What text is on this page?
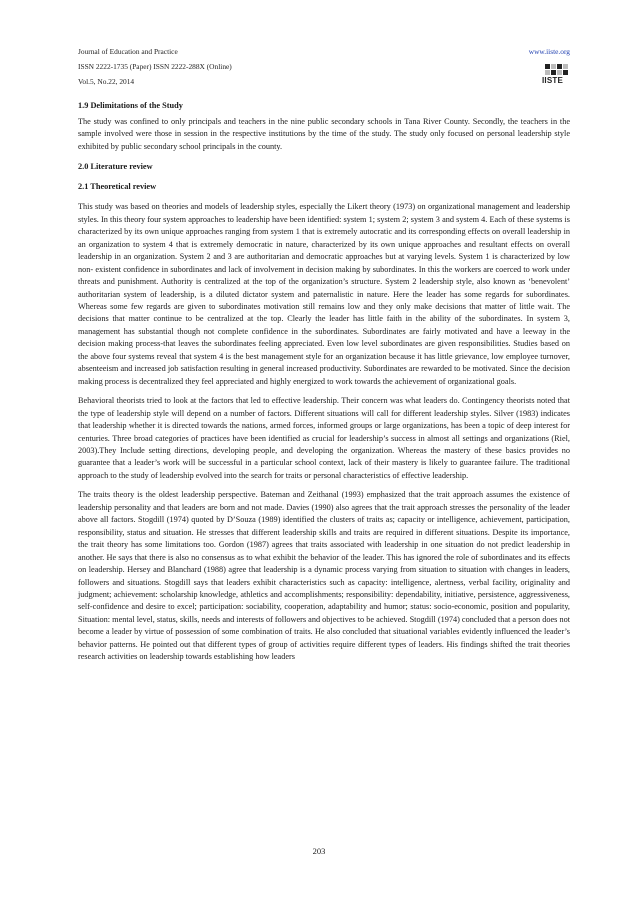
Journal of Education and Practice
ISSN 2222-1735 (Paper) ISSN 2222-288X (Online)
Vol.5, No.22, 2014
www.iiste.org
IISTE
1.9 Delimitations of the Study

The study was confined to only principals and teachers in the nine public secondary schools in Tana River County. Secondly, the teachers in the sample involved were those in session in the respective institutions by the time of the study. The study only focused on personal leadership style exhibited by public secondary school principals in the county.

2.0 Literature review
2.1 Theoretical review

This study was based on theories and models of leadership styles, especially the Likert theory (1973) on organizational management and leadership styles. In this theory four system approaches to leadership have been identified: system 1; system 2; system 3 and system 4. Each of these systems is characterized by its own unique approaches ranging from system 1 that is extremely autocratic and its corresponding effects on overall leadership in an organization to system 4 that is extremely democratic in nature, characterized by its own unique approaches and resultant effects on overall leadership in an organization. System 2 and 3 are authoritarian and democratic approaches but at varying levels. System 1 is characterized by low non- existent confidence in subordinates and lack of involvement in decision making by subordinates. In this the workers are coerced to work under threats and punishment. Authority is centralized at the top of the organization’s structure. System 2 leadership style, also known as ‘benevolent’ authoritarian system of leadership, is a diluted dictator system and paternalistic in nature. Here the leader has some regards for subordinates. Whereas some few regards are given to subordinates motivation still remains low and they only make decisions that matter of little wait. The decisions that matter continue to be centralized at the top. Clearly the leader has little faith in the ability of the subordinates. In system 3, management has substantial though not complete confidence in the subordinates. Subordinates are fairly motivated and have a leeway in the decision making process-that leaves the subordinates feeling appreciated. Even low level subordinates are given responsibilities. Studies based on the above four systems reveal that system 4 is the best management style for an organization because it has little grievance, low employee turnover, absenteeism and increased job satisfaction resulting in general increased productivity. Subordinates are rewarded to be motivated. Since the decision making process is decentralized they feel appreciated and highly energized to work towards the achievement of organizational goals.

Behavioral theorists tried to look at the factors that led to effective leadership. Their concern was what leaders do. Contingency theorists noted that the type of leadership style will depend on a number of factors. Different situations will call for different leadership styles. Silver (1983) indicates that leadership whether it is directed towards the nations, armed forces, informed groups or large organizations, has been a topic of deep interest for centuries. Three broad categories of practices have been identified as crucial for leadership’s success in almost all settings and organizations (Riel, 2003).They Include setting directions, developing people, and developing the organization. Whereas the mastery of these basics provides no guarantee that a leader’s work will be successful in a particular school context, lack of their mastery is likely to guarantee failure. The traditional approach to the study of leadership evolved into the search for traits or personal characteristics of effective leadership.

The traits theory is the oldest leadership perspective. Bateman and Zeithanal (1993) emphasized that the trait approach assumes the existence of leadership personality and that leaders are born and not made. Davies (1990) also agrees that the trait approach stresses the personality of the leader above all factors. Stogdill (1974) quoted by D’Souza (1989) identified the clusters of traits as; capacity or intelligence, achievement, participation, responsibility, status and situation. He stresses that different leadership skills and traits are required in different situations. Despite its importance, the trait theory has some limitations too. Gordon (1987) agrees that traits associated with leadership in one situation do not predict leadership in another. He says that there is also no consensus as to what exhibit the behavior of the leader. This has ignored the role of subordinates and its effects on leadership. Hersey and Blanchard (1988) agree that leadership is a dynamic process varying from situation to situation with changes in leaders, followers and situations. Stogdill says that leaders exhibit characteristics such as capacity: intelligence, alertness, verbal facility, originality and judgment; achievement: scholarship knowledge, athletics and accomplishments; responsibility: dependability, initiative, persistence, aggressiveness, self-confidence and desire to excel; participation: sociability, cooperation, adaptability and humor; status: socio-economic, position and popularity, Situation: mental level, status, skills, needs and interests of followers and objectives to be achieved. Stogdill (1974) concluded that a person does not become a leader by virtue of possession of some combination of traits. He also concluded that situational variables evidently influenced the leader’s behavior patterns. He pointed out that different types of group of activities require different types of leaders. His findings shifted the trait theories research activities on leadership towards establishing how leaders

203
